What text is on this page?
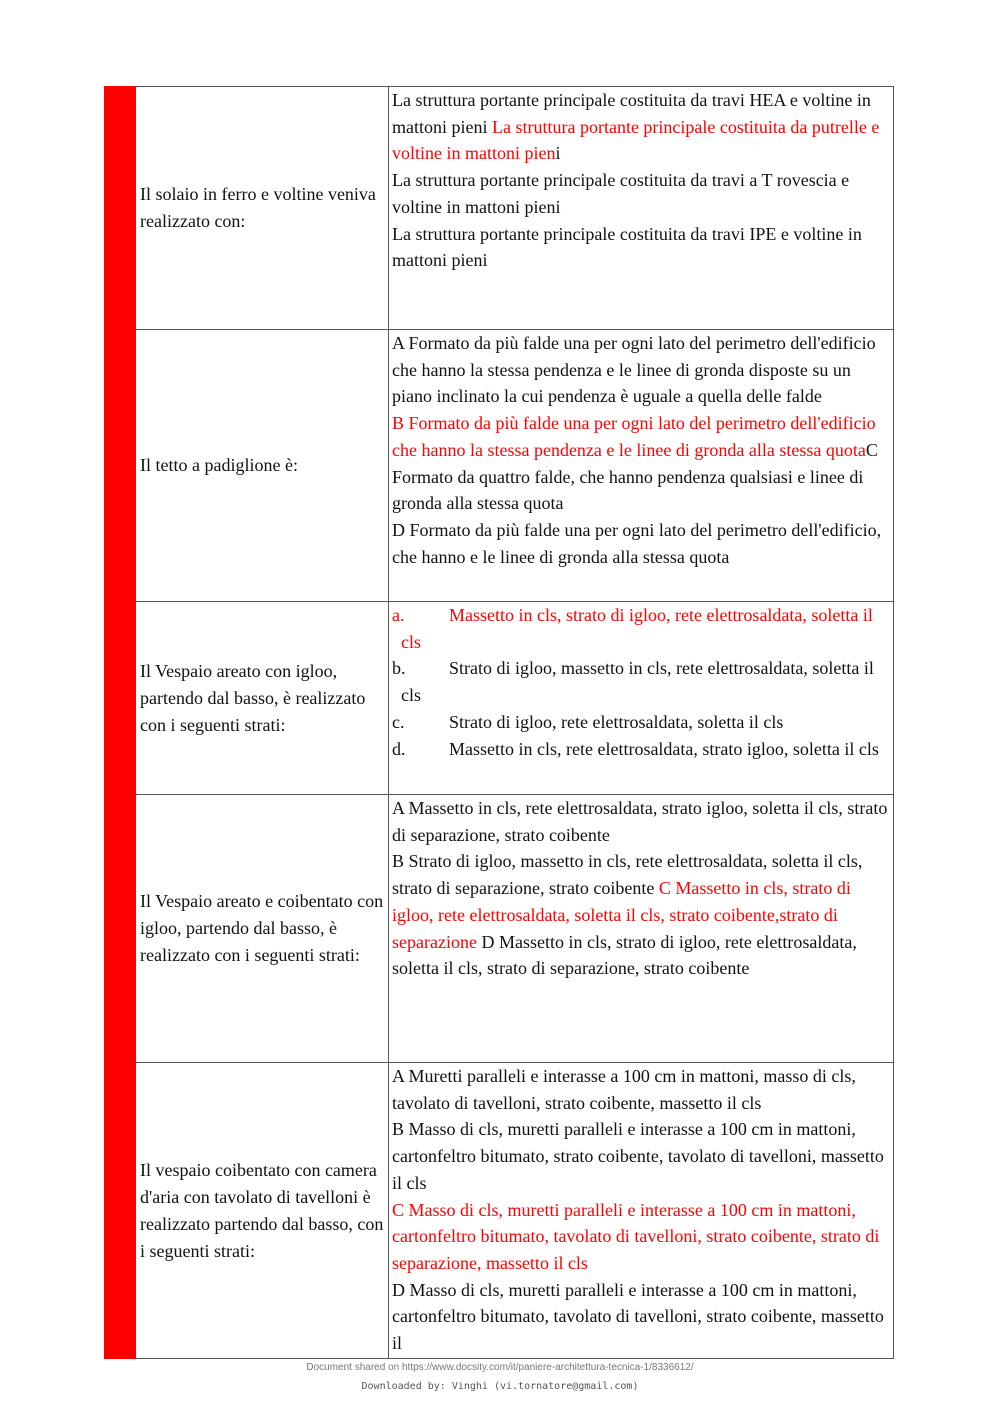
	Il solaio in ferro e voltine veniva realizzato con:	La struttura portante principale costituita da travi HEA e voltine in mattoni pieni La struttura portante principale costituita da putrelle e voltine in mattoni pieni
La struttura portante principale costituita da travi a T rovescia e voltine in mattoni pieni
La struttura portante principale costituita da travi IPE e voltine in mattoni pieni
	Il tetto a padiglione è:	A Formato da più falde una per ogni lato del perimetro dell'edificio che hanno la stessa pendenza e le linee di gronda disposte su un piano inclinato la cui pendenza è uguale a quella delle falde
B Formato da più falde una per ogni lato del perimetro dell'edificio che hanno la stessa pendenza e le linee di gronda alla stessa quotaC Formato da quattro falde, che hanno pendenza qualsiasi e linee di gronda alla stessa quota
D Formato da più falde una per ogni lato del perimetro dell'edificio, che hanno e le linee di gronda alla stessa quota
	Il Vespaio areato con igloo, partendo dal basso, è realizzato con i seguenti strati:	a. Massetto in cls, strato di igloo, rete elettrosaldata, soletta il cls
b. Strato di igloo, massetto in cls, rete elettrosaldata, soletta il cls
c. Strato di igloo, rete elettrosaldata, soletta il cls
d. Massetto in cls, rete elettrosaldata, strato igloo, soletta il cls

	Il Vespaio areato e coibentato con igloo, partendo dal basso, è realizzato con i seguenti strati:	A Massetto in cls, rete elettrosaldata, strato igloo, soletta il cls, strato di separazione, strato coibente
B Strato di igloo, massetto in cls, rete elettrosaldata, soletta il cls, strato di separazione, strato coibente C Massetto in cls, strato di igloo, rete elettrosaldata, soletta il cls, strato coibente,strato di separazione D Massetto in cls, strato di igloo, rete elettrosaldata, soletta il cls, strato di separazione, strato coibente
	Il vespaio coibentato con camera d'aria con tavolato di tavelloni è realizzato partendo dal basso, con i seguenti strati:	A Muretti paralleli e interasse a 100 cm in mattoni, masso di cls, tavolato di tavelloni, strato coibente, massetto il cls
B Masso di cls, muretti paralleli e interasse a 100 cm in mattoni, cartonfeltro bitumato, strato coibente, tavolato di tavelloni, massetto il cls
C Masso di cls, muretti paralleli e interasse a 100 cm in mattoni, cartonfeltro bitumato, tavolato di tavelloni, strato coibente, strato di separazione, massetto il cls
D Masso di cls, muretti paralleli e interasse a 100 cm in mattoni, cartonfeltro bitumato, tavolato di tavelloni, strato coibente, massetto il
Document shared on https://www.docsity.com/it/paniere-architettura-tecnica-1/8336612/
Downloaded by: Vinghi (vi.tornatore@gmail.com)
